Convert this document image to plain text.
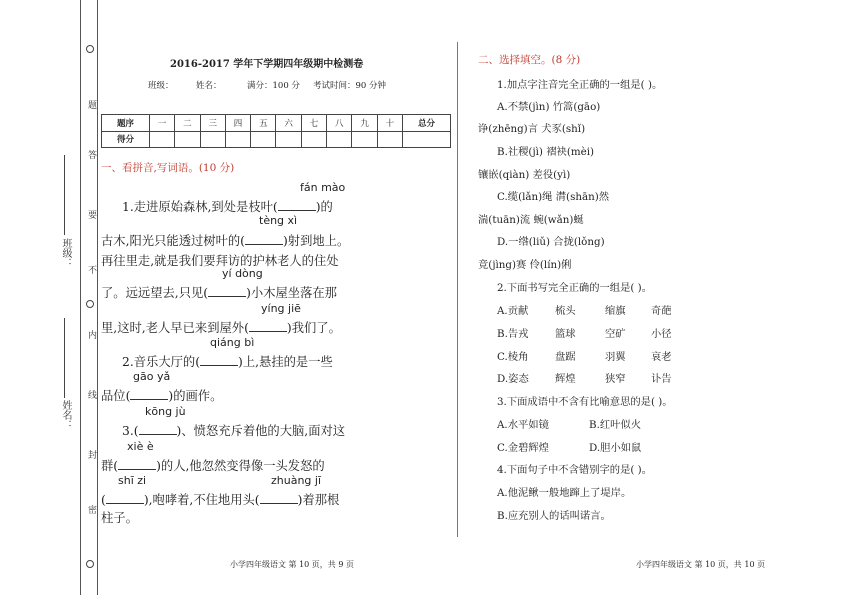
题
答
要
不
内
线
封
密
班级：
姓名：
2016-2017 学年下学期四年级期中检测卷
班级：	姓名：	满分：100 分 考试时间：90 分钟
题序	一	二	三	四	五	六	七	八	九	十	总分
得分											
一、看拼音,写词语。(10 分)
fán mào
1.走进原始森林,到处是枝叶(	)的
tèng xì
古木,阳光只能透过树叶的(	)射到地上。
再往里走,就是我们要拜访的护林老人的住处
yí dòng
了。远远望去,只见(	)小木屋坐落在那
yíng jiē
里,这时,老人早已来到屋外(	)我们了。
qiáng bì
2.音乐大厅的(	)上,悬挂的是一些
gāo yǎ
品位(	)的画作。
kōng jù
3.(	)、愤怒充斥着他的大脑,面对这
xiè è
群(	)的人,他忽然变得像一头发怒的
shī zi	zhuàng jī
(	),咆哮着,不住地用头(	)着那根
柱子。
二、选择填空。(8 分)
1.加点字注音完全正确的一组是( )。
A.不禁(jìn) 竹篙(gāo)
诤(zhēng)言 犬豕(shǐ)
B.社稷(jì) 褶袂(mèi)
镶嵌(qiàn) 差役(yì)
C.缆(lǎn)绳 潸(shān)然
湍(tuān)流 蜿(wǎn)蜒
D.一绺(liǔ) 合拢(lǒng)
竞(jìng)赛 伶(lín)俐
2.下面书写完全正确的一组是( )。
A.贡献	梳头	缩旗 奇葩
B.告戎	篮球	空矿 小径
C.棱角	盘踞	羽翼 哀老
D.姿态	辉煌	狭窄 讣告
3.下面成语中不含有比喻意思的是( )。
A.水平如镜	B.红叶似火
C.金碧辉煌	D.胆小如鼠
4.下面句子中不含错别字的是( )。
A.他泥鳅一般地蹿上了堤岸。
B.应充别人的话叫诺言。
小学四年级语文 第 10 页，共 9 页	小学四年级语文 第 10 页，共 10 页
